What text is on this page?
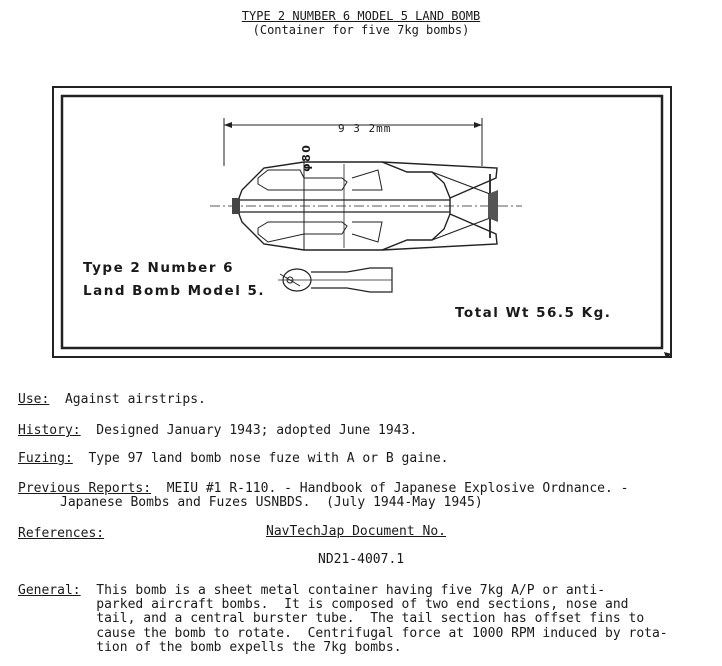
TYPE 2 NUMBER 6 MODEL 5 LAND BOMB
(Container for five 7kg bombs)
9 3 2mm
φ80
Type 2 Number 6
Land Bomb Model 5.
Total Wt 56.5 Kg.
Use: Against airstrips.
History: Designed January 1943; adopted June 1943.
Fuzing: Type 97 land bomb nose fuze with A or B gaine.
Previous Reports: MEIU #1 R-110. - Handbook of Japanese Explosive Ordnance. -
Japanese Bombs and Fuzes USNBDS.  (July 1944-May 1945)
References:	NavTechJap Document No.
ND21-4007.1
General: This bomb is a sheet metal container having five 7kg A/P or anti-
parked aircraft bombs.  It is composed of two end sections, nose and
tail, and a central burster tube.  The tail section has offset fins to
cause the bomb to rotate.  Centrifugal force at 1000 RPM induced by rota-
tion of the bomb expells the 7kg bombs.
